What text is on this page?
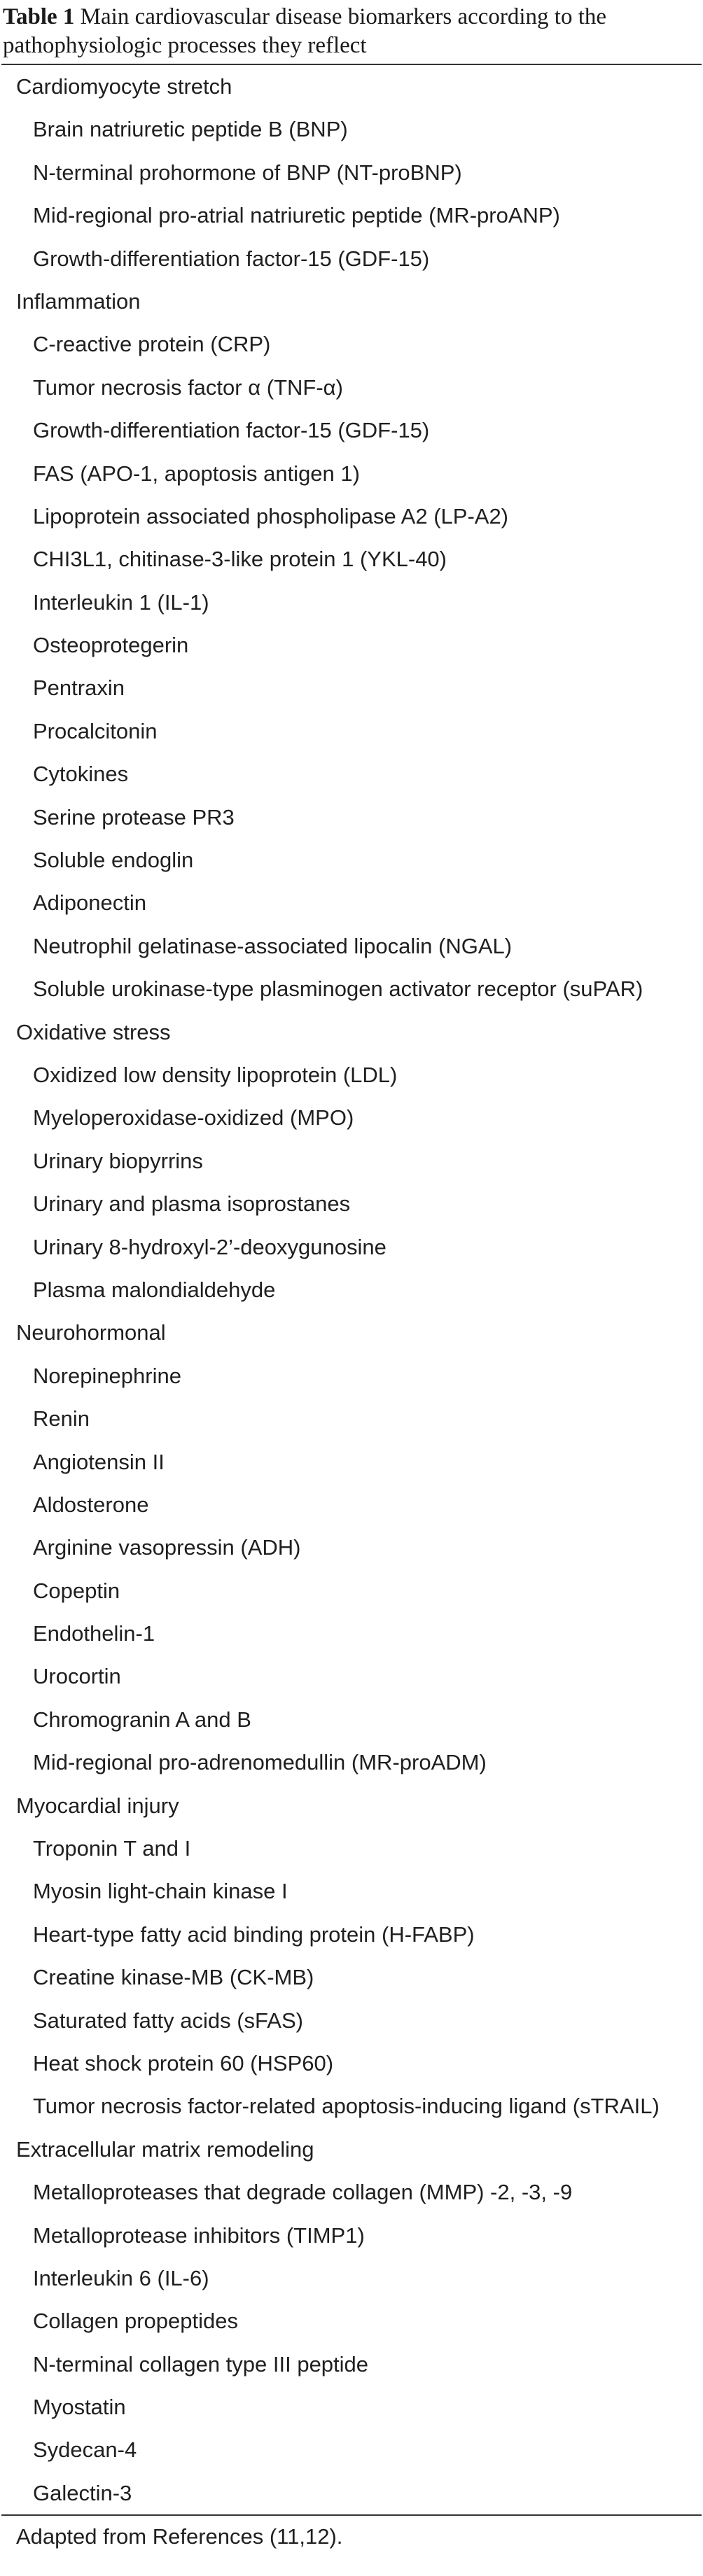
Table 1 Main cardiovascular disease biomarkers according to the pathophysiologic processes they reflect
Cardiomyocyte stretch
Brain natriuretic peptide B (BNP)
N-terminal prohormone of BNP (NT-proBNP)
Mid-regional pro-atrial natriuretic peptide (MR-proANP)
Growth-differentiation factor-15 (GDF-15)
Inflammation
C-reactive protein (CRP)
Tumor necrosis factor α (TNF-α)
Growth-differentiation factor-15 (GDF-15)
FAS (APO-1, apoptosis antigen 1)
Lipoprotein associated phospholipase A2 (LP-A2)
CHI3L1, chitinase-3-like protein 1 (YKL-40)
Interleukin 1 (IL-1)
Osteoprotegerin
Pentraxin
Procalcitonin
Cytokines
Serine protease PR3
Soluble endoglin
Adiponectin
Neutrophil gelatinase-associated lipocalin (NGAL)
Soluble urokinase-type plasminogen activator receptor (suPAR)
Oxidative stress
Oxidized low density lipoprotein (LDL)
Myeloperoxidase-oxidized (MPO)
Urinary biopyrrins
Urinary and plasma isoprostanes
Urinary 8-hydroxyl-2’-deoxygunosine
Plasma malondialdehyde
Neurohormonal
Norepinephrine
Renin
Angiotensin II
Aldosterone
Arginine vasopressin (ADH)
Copeptin
Endothelin-1
Urocortin
Chromogranin A and B
Mid-regional pro-adrenomedullin (MR-proADM)
Myocardial injury
Troponin T and I
Myosin light-chain kinase I
Heart-type fatty acid binding protein (H-FABP)
Creatine kinase-MB (CK-MB)
Saturated fatty acids (sFAS)
Heat shock protein 60 (HSP60)
Tumor necrosis factor-related apoptosis-inducing ligand (sTRAIL)
Extracellular matrix remodeling
Metalloproteases that degrade collagen (MMP) -2, -3, -9
Metalloprotease inhibitors (TIMP1)
Interleukin 6 (IL-6)
Collagen propeptides
N-terminal collagen type III peptide
Myostatin
Sydecan-4
Galectin-3
Adapted from References (11,12).
